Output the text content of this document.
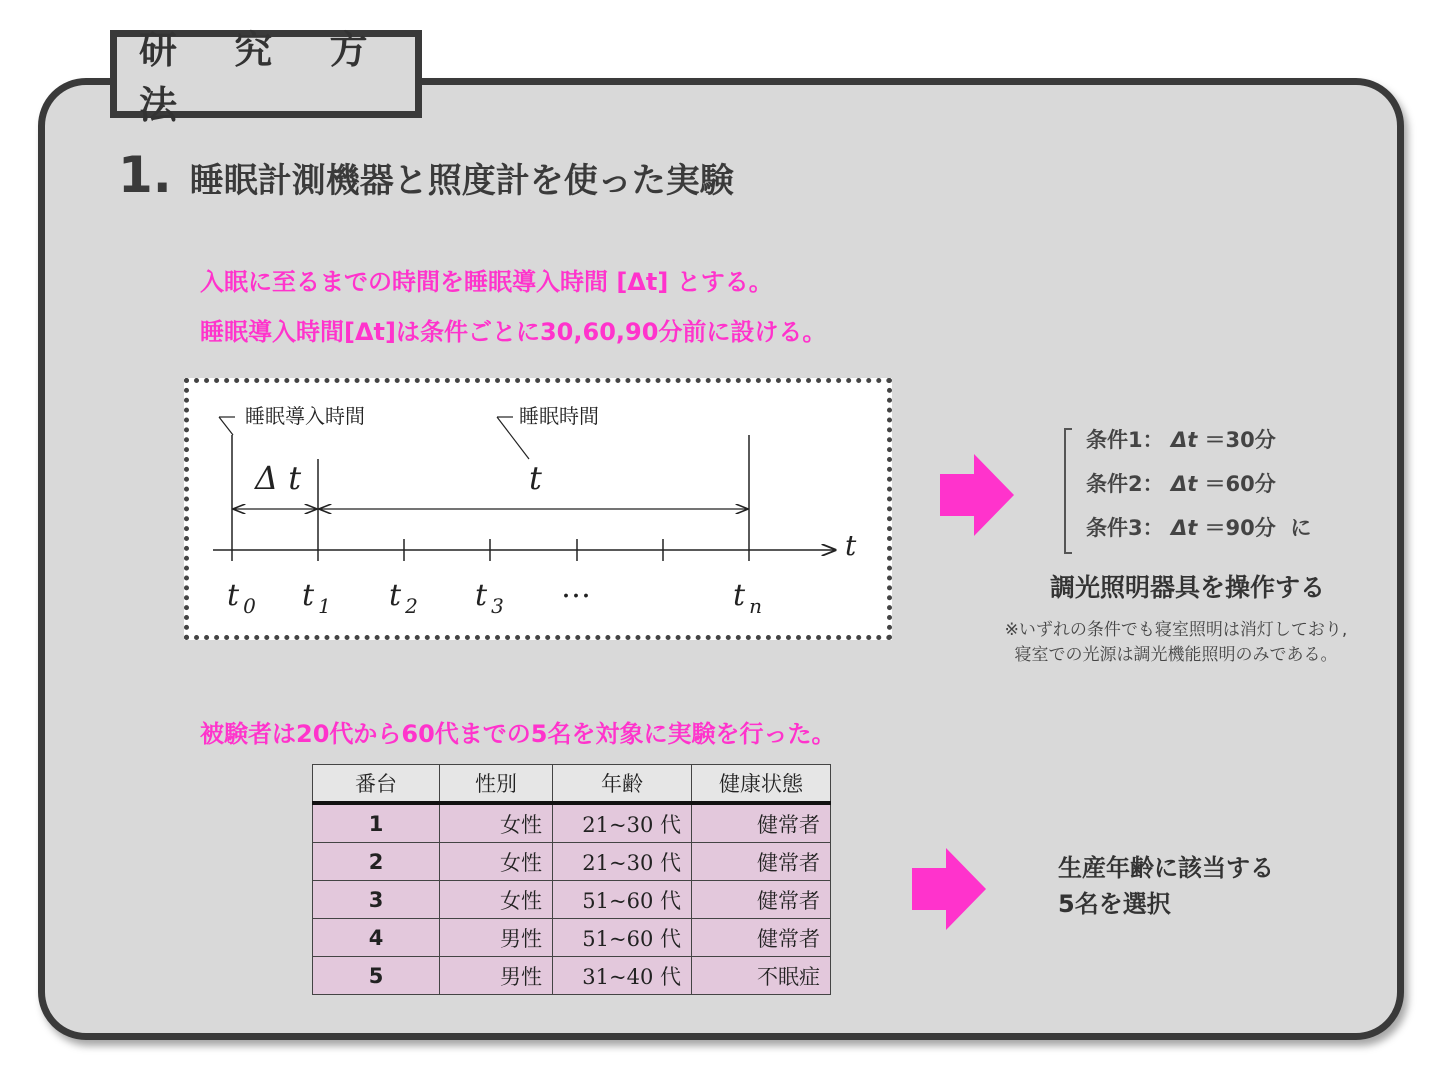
研 究 方 法
1. 睡眠計測機器と照度計を使った実験
入眠に至るまでの時間を睡眠導入時間 [Δt] とする。
睡眠導入時間[Δt]は条件ごとに30,60,90分前に設ける。
t
睡眠導入時間	睡眠時間
Δ t	t
t $_0$ t $_1$ t $_2$ t $_3$
…	t $_n$
条件1： Δt ＝30分
条件2： Δt ＝60分
条件3： Δt ＝90分 に
調光照明器具を操作する
※いずれの条件でも寝室照明は消灯しており,
寝室での光源は調光機能照明のみである。
被験者は20代から60代までの5名を対象に実験を行った。
番台	性別	年齢	健康状態
1	女性	21~30 代	健常者
2	女性	21~30 代	健常者
3	女性	51~60 代	健常者
4	男性	51~60 代	健常者
5	男性	31~40 代	不眠症
生産年齢に該当する
5名を選択
